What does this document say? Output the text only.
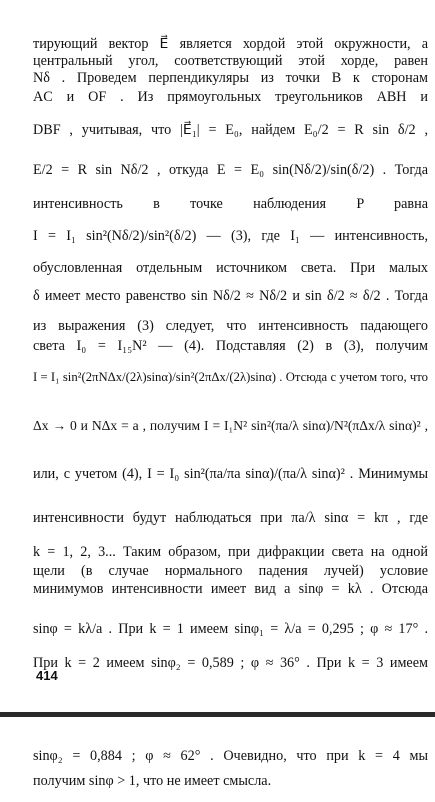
тирующий вектор E⃗ является хордой этой окружности, а
центральный угол, соответствующий этой хорде, равен
Nδ . Проведем перпендикуляры из точки B к сторонам
AC и OF . Из прямоугольных треугольников ABH и
DBF , учитывая, что |E⃗₁| = E₀, найдем E₀/2 = R sin δ/2 ,
E/2 = R sin Nδ/2 , откуда E = E₀ sin(Nδ/2)/sin(δ/2) . Тогда
интенсивность в точке наблюдения P равна
I = I₁ sin²(Nδ/2)/sin²(δ/2) — (3), где I₁ — интенсивность,
обусловленная отдельным источником света. При малых
δ имеет место равенство sin Nδ/2 ≈ Nδ/2 и sin δ/2 ≈ δ/2 . Тогда
из выражения (3) следует, что интенсивность падающего
света I₀ = I₁₅N² — (4). Подставляя (2) в (3), получим
I = I₁ sin²(2πNΔx/(2λ)sinα)/sin²(2πΔx/(2λ)sinα) . Отсюда с учетом того, что
Δx → 0 и NΔx = a , получим I = I₁N² sin²(πa/λ sinα)/N²(πΔx/λ sinα)² ,
или, с учетом (4), I = I₀ sin²(πa/πa sinα)/(πa/λ sinα)² . Минимумы
интенсивности будут наблюдаться при πa/λ sinα = kπ , где
k = 1, 2, 3... Таким образом, при дифракции света на одной
щели (в случае нормального падения лучей) условие
минимумов интенсивности имеет вид a sinφ = kλ . Отсюда
sinφ = kλ/a . При k = 1 имеем sinφ₁ = λ/a = 0,295 ; φ ≈ 17° .
При k = 2 имеем sinφ₂ = 0,589 ; φ ≈ 36° . При k = 3 имеем
414
sinφ₂ = 0,884 ; φ ≈ 62° . Очевидно, что при k = 4 мы
получим sinφ > 1, что не имеет смысла.
